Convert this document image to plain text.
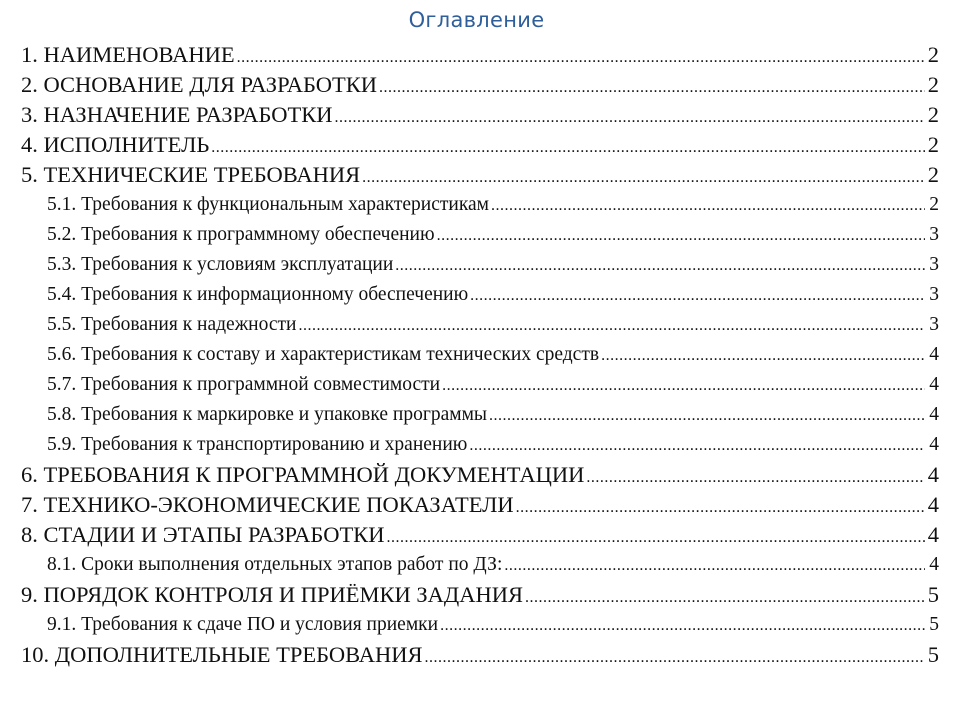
Оглавление
1. НАИМЕНОВАНИЕ .....	2
2. ОСНОВАНИЕ ДЛЯ РАЗРАБОТКИ .....	2
3. НАЗНАЧЕНИЕ РАЗРАБОТКИ .....	2
4. ИСПОЛНИТЕЛЬ .....	2
5. ТЕХНИЧЕСКИЕ ТРЕБОВАНИЯ .....	2
5.1. Требования к функциональным характеристикам .....	2
5.2. Требования к программному обеспечению .....	3
5.3. Требования к условиям эксплуатации .....	3
5.4. Требования к информационному обеспечению .....	3
5.5. Требования к надежности .....	3
5.6. Требования к составу и характеристикам технических средств .....	4
5.7. Требования к программной совместимости .....	4
5.8. Требования к маркировке и упаковке программы .....	4
5.9. Требования к транспортированию и хранению .....	4
6. ТРЕБОВАНИЯ К ПРОГРАММНОЙ ДОКУМЕНТАЦИИ .....	4
7. ТЕХНИКО-ЭКОНОМИЧЕСКИЕ ПОКАЗАТЕЛИ .....	4
8. СТАДИИ И ЭТАПЫ РАЗРАБОТКИ .....	4
8.1. Сроки выполнения отдельных этапов работ по ДЗ: .....	4
9. ПОРЯДОК КОНТРОЛЯ И ПРИЁМКИ ЗАДАНИЯ .....	5
9.1. Требования к сдаче ПО и условия приемки .....	5
10. ДОПОЛНИТЕЛЬНЫЕ ТРЕБОВАНИЯ .....	5
